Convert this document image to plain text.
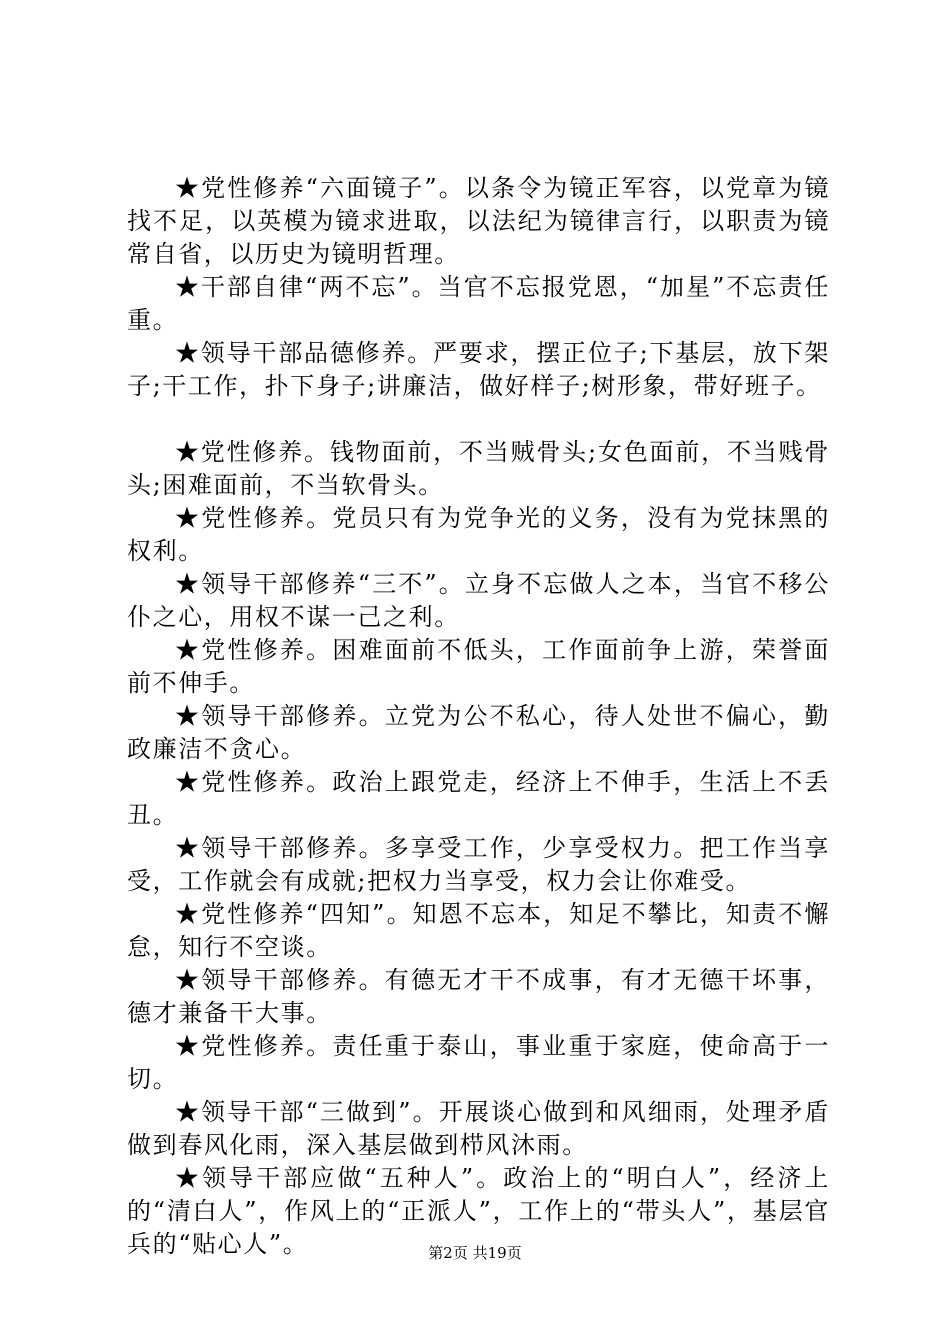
★党性修养“六面镜子”。以条令为镜正军容，以党章为镜找不足，以英模为镜求进取，以法纪为镜律言行，以职责为镜常自省，以历史为镜明哲理。

★干部自律“两不忘”。当官不忘报党恩，“加星”不忘责任重。

★领导干部品德修养。严要求，摆正位子;下基层，放下架子;干工作，扑下身子;讲廉洁，做好样子;树形象，带好班子。

★党性修养。钱物面前，不当贼骨头;女色面前，不当贱骨头;困难面前，不当软骨头。

★党性修养。党员只有为党争光的义务，没有为党抹黑的权利。

★领导干部修养“三不”。立身不忘做人之本，当官不移公仆之心，用权不谋一己之利。

★党性修养。困难面前不低头，工作面前争上游，荣誉面前不伸手。

★领导干部修养。立党为公不私心，待人处世不偏心，勤政廉洁不贪心。

★党性修养。政治上跟党走，经济上不伸手，生活上不丢丑。

★领导干部修养。多享受工作，少享受权力。把工作当享受，工作就会有成就;把权力当享受，权力会让你难受。

★党性修养“四知”。知恩不忘本，知足不攀比，知责不懈怠，知行不空谈。

★领导干部修养。有德无才干不成事，有才无德干坏事，德才兼备干大事。

★党性修养。责任重于泰山，事业重于家庭，使命高于一切。

★领导干部“三做到”。开展谈心做到和风细雨，处理矛盾做到春风化雨，深入基层做到栉风沐雨。

★领导干部应做“五种人”。政治上的“明白人”，经济上的“清白人”，作风上的“正派人”，工作上的“带头人”，基层官兵的“贴心人”。	第2页 共19页
